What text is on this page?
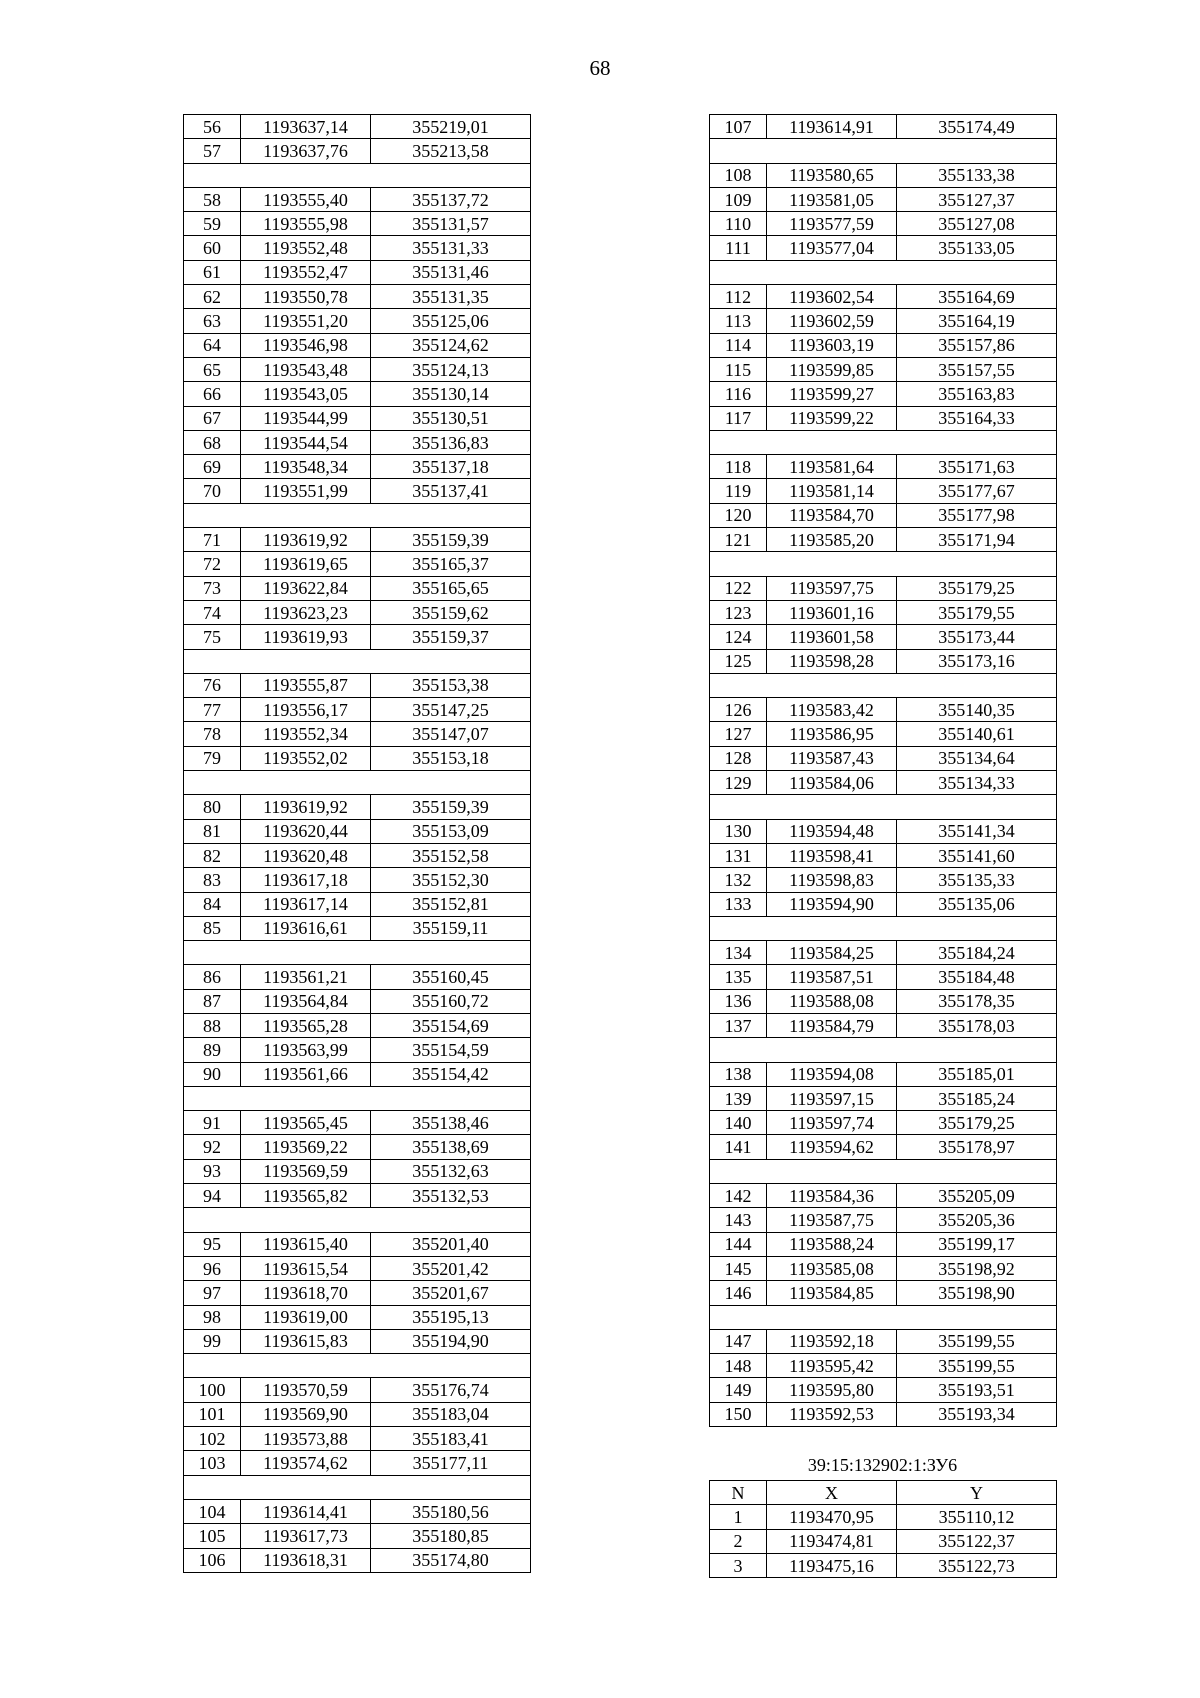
68
56	1193637,14	355219,01
57	1193637,76	355213,58

58	1193555,40	355137,72
59	1193555,98	355131,57
60	1193552,48	355131,33
61	1193552,47	355131,46
62	1193550,78	355131,35
63	1193551,20	355125,06
64	1193546,98	355124,62
65	1193543,48	355124,13
66	1193543,05	355130,14
67	1193544,99	355130,51
68	1193544,54	355136,83
69	1193548,34	355137,18
70	1193551,99	355137,41

71	1193619,92	355159,39
72	1193619,65	355165,37
73	1193622,84	355165,65
74	1193623,23	355159,62
75	1193619,93	355159,37

76	1193555,87	355153,38
77	1193556,17	355147,25
78	1193552,34	355147,07
79	1193552,02	355153,18

80	1193619,92	355159,39
81	1193620,44	355153,09
82	1193620,48	355152,58
83	1193617,18	355152,30
84	1193617,14	355152,81
85	1193616,61	355159,11

86	1193561,21	355160,45
87	1193564,84	355160,72
88	1193565,28	355154,69
89	1193563,99	355154,59
90	1193561,66	355154,42

91	1193565,45	355138,46
92	1193569,22	355138,69
93	1193569,59	355132,63
94	1193565,82	355132,53

95	1193615,40	355201,40
96	1193615,54	355201,42
97	1193618,70	355201,67
98	1193619,00	355195,13
99	1193615,83	355194,90

100	1193570,59	355176,74
101	1193569,90	355183,04
102	1193573,88	355183,41
103	1193574,62	355177,11

104	1193614,41	355180,56
105	1193617,73	355180,85
106	1193618,31	355174,80
107	1193614,91	355174,49

108	1193580,65	355133,38
109	1193581,05	355127,37
110	1193577,59	355127,08
111	1193577,04	355133,05

112	1193602,54	355164,69
113	1193602,59	355164,19
114	1193603,19	355157,86
115	1193599,85	355157,55
116	1193599,27	355163,83
117	1193599,22	355164,33

118	1193581,64	355171,63
119	1193581,14	355177,67
120	1193584,70	355177,98
121	1193585,20	355171,94

122	1193597,75	355179,25
123	1193601,16	355179,55
124	1193601,58	355173,44
125	1193598,28	355173,16

126	1193583,42	355140,35
127	1193586,95	355140,61
128	1193587,43	355134,64
129	1193584,06	355134,33

130	1193594,48	355141,34
131	1193598,41	355141,60
132	1193598,83	355135,33
133	1193594,90	355135,06

134	1193584,25	355184,24
135	1193587,51	355184,48
136	1193588,08	355178,35
137	1193584,79	355178,03

138	1193594,08	355185,01
139	1193597,15	355185,24
140	1193597,74	355179,25
141	1193594,62	355178,97

142	1193584,36	355205,09
143	1193587,75	355205,36
144	1193588,24	355199,17
145	1193585,08	355198,92
146	1193584,85	355198,90

147	1193592,18	355199,55
148	1193595,42	355199,55
149	1193595,80	355193,51
150	1193592,53	355193,34
39:15:132902:1:ЗУ6
N	X	Y
1	1193470,95	355110,12
2	1193474,81	355122,37
3	1193475,16	355122,73
